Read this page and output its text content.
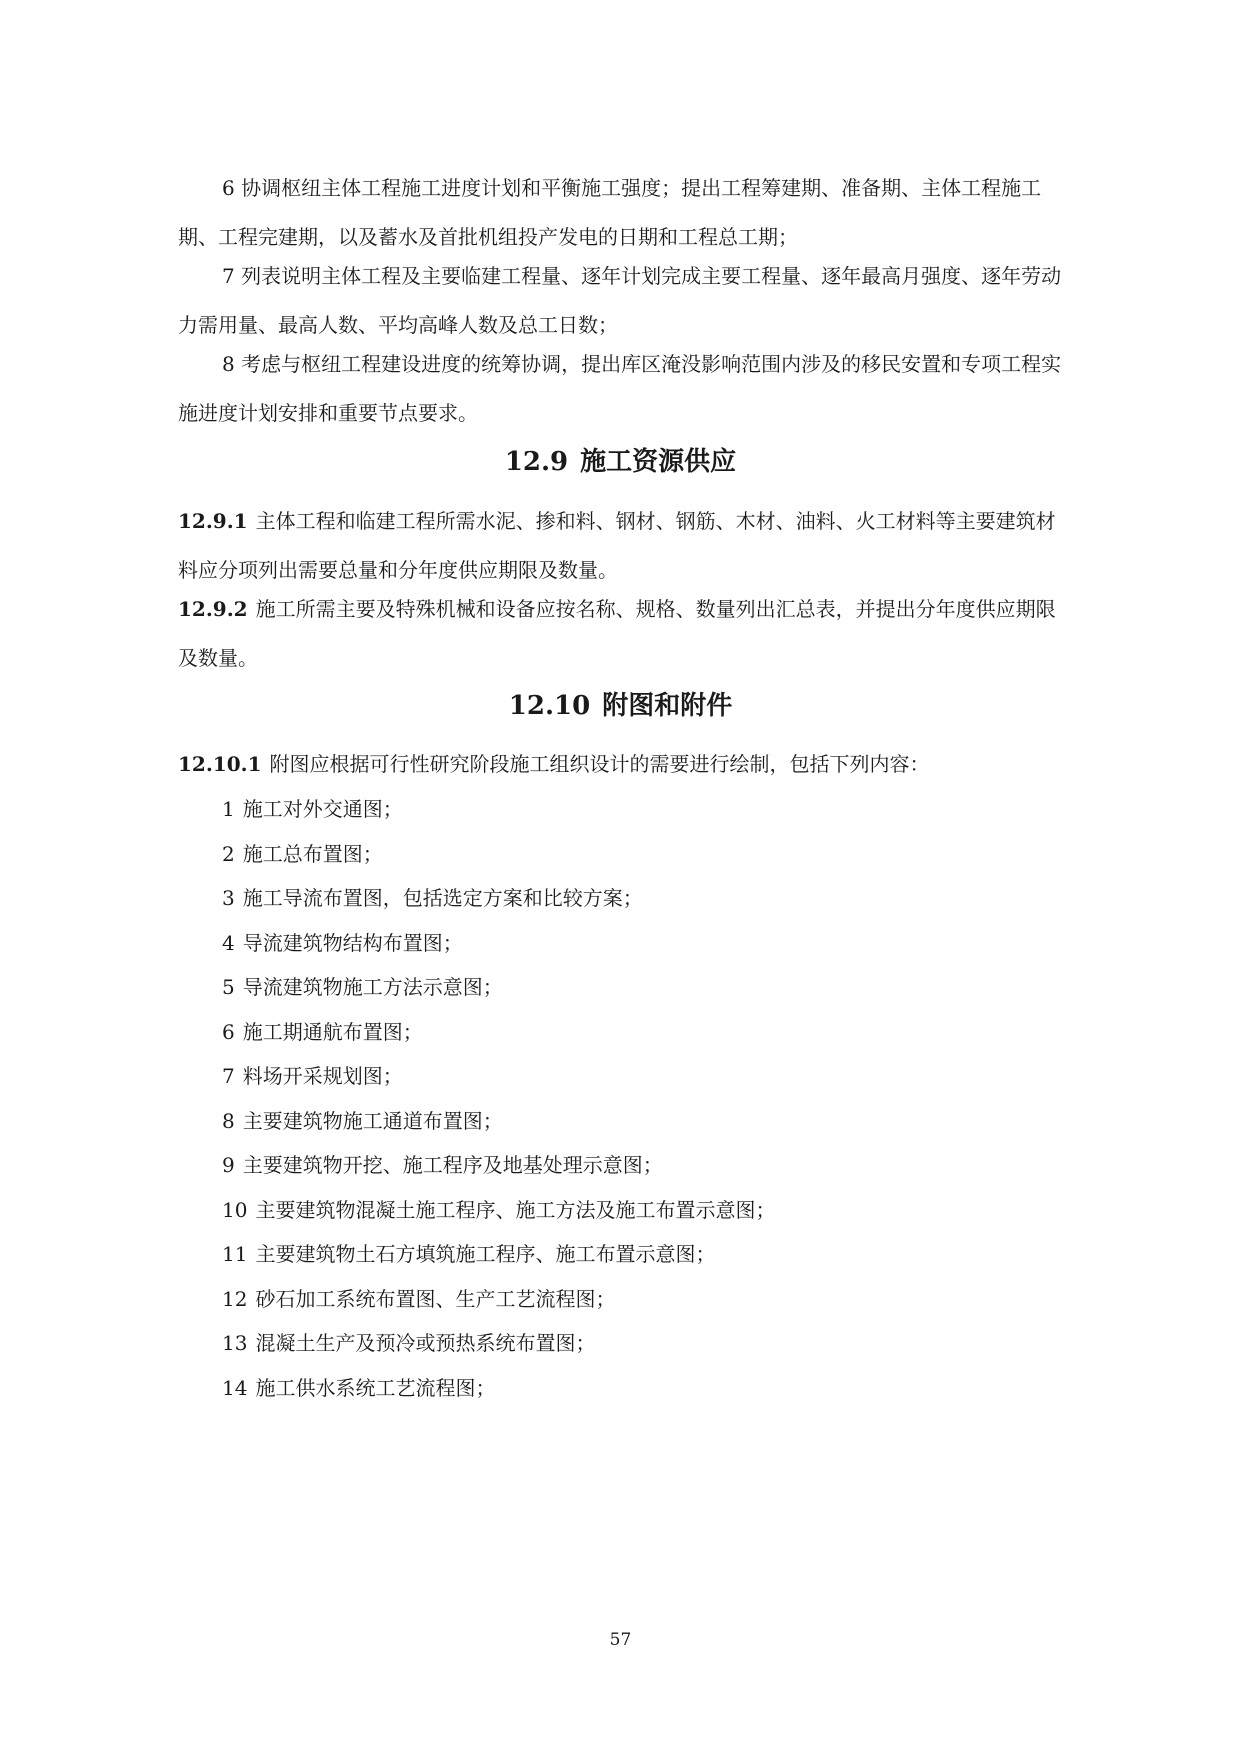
6 协调枢纽主体工程施工进度计划和平衡施工强度；提出工程筹建期、准备期、主体工程施工期、工程完建期，以及蓄水及首批机组投产发电的日期和工程总工期；

7 列表说明主体工程及主要临建工程量、逐年计划完成主要工程量、逐年最高月强度、逐年劳动力需用量、最高人数、平均高峰人数及总工日数；

8 考虑与枢纽工程建设进度的统筹协调，提出库区淹没影响范围内涉及的移民安置和专项工程实施进度计划安排和重要节点要求。

12.9 施工资源供应

12.9.1 主体工程和临建工程所需水泥、掺和料、钢材、钢筋、木材、油料、火工材料等主要建筑材料应分项列出需要总量和分年度供应期限及数量。

12.9.2 施工所需主要及特殊机械和设备应按名称、规格、数量列出汇总表，并提出分年度供应期限及数量。

12.10 附图和附件

12.10.1 附图应根据可行性研究阶段施工组织设计的需要进行绘制，包括下列内容：

1 施工对外交通图；

2 施工总布置图；

3 施工导流布置图，包括选定方案和比较方案；

4 导流建筑物结构布置图；

5 导流建筑物施工方法示意图；

6 施工期通航布置图；

7 料场开采规划图；

8 主要建筑物施工通道布置图；

9 主要建筑物开挖、施工程序及地基处理示意图；

10 主要建筑物混凝土施工程序、施工方法及施工布置示意图；

11 主要建筑物土石方填筑施工程序、施工布置示意图；

12 砂石加工系统布置图、生产工艺流程图；

13 混凝土生产及预冷或预热系统布置图；

14 施工供水系统工艺流程图；

57
